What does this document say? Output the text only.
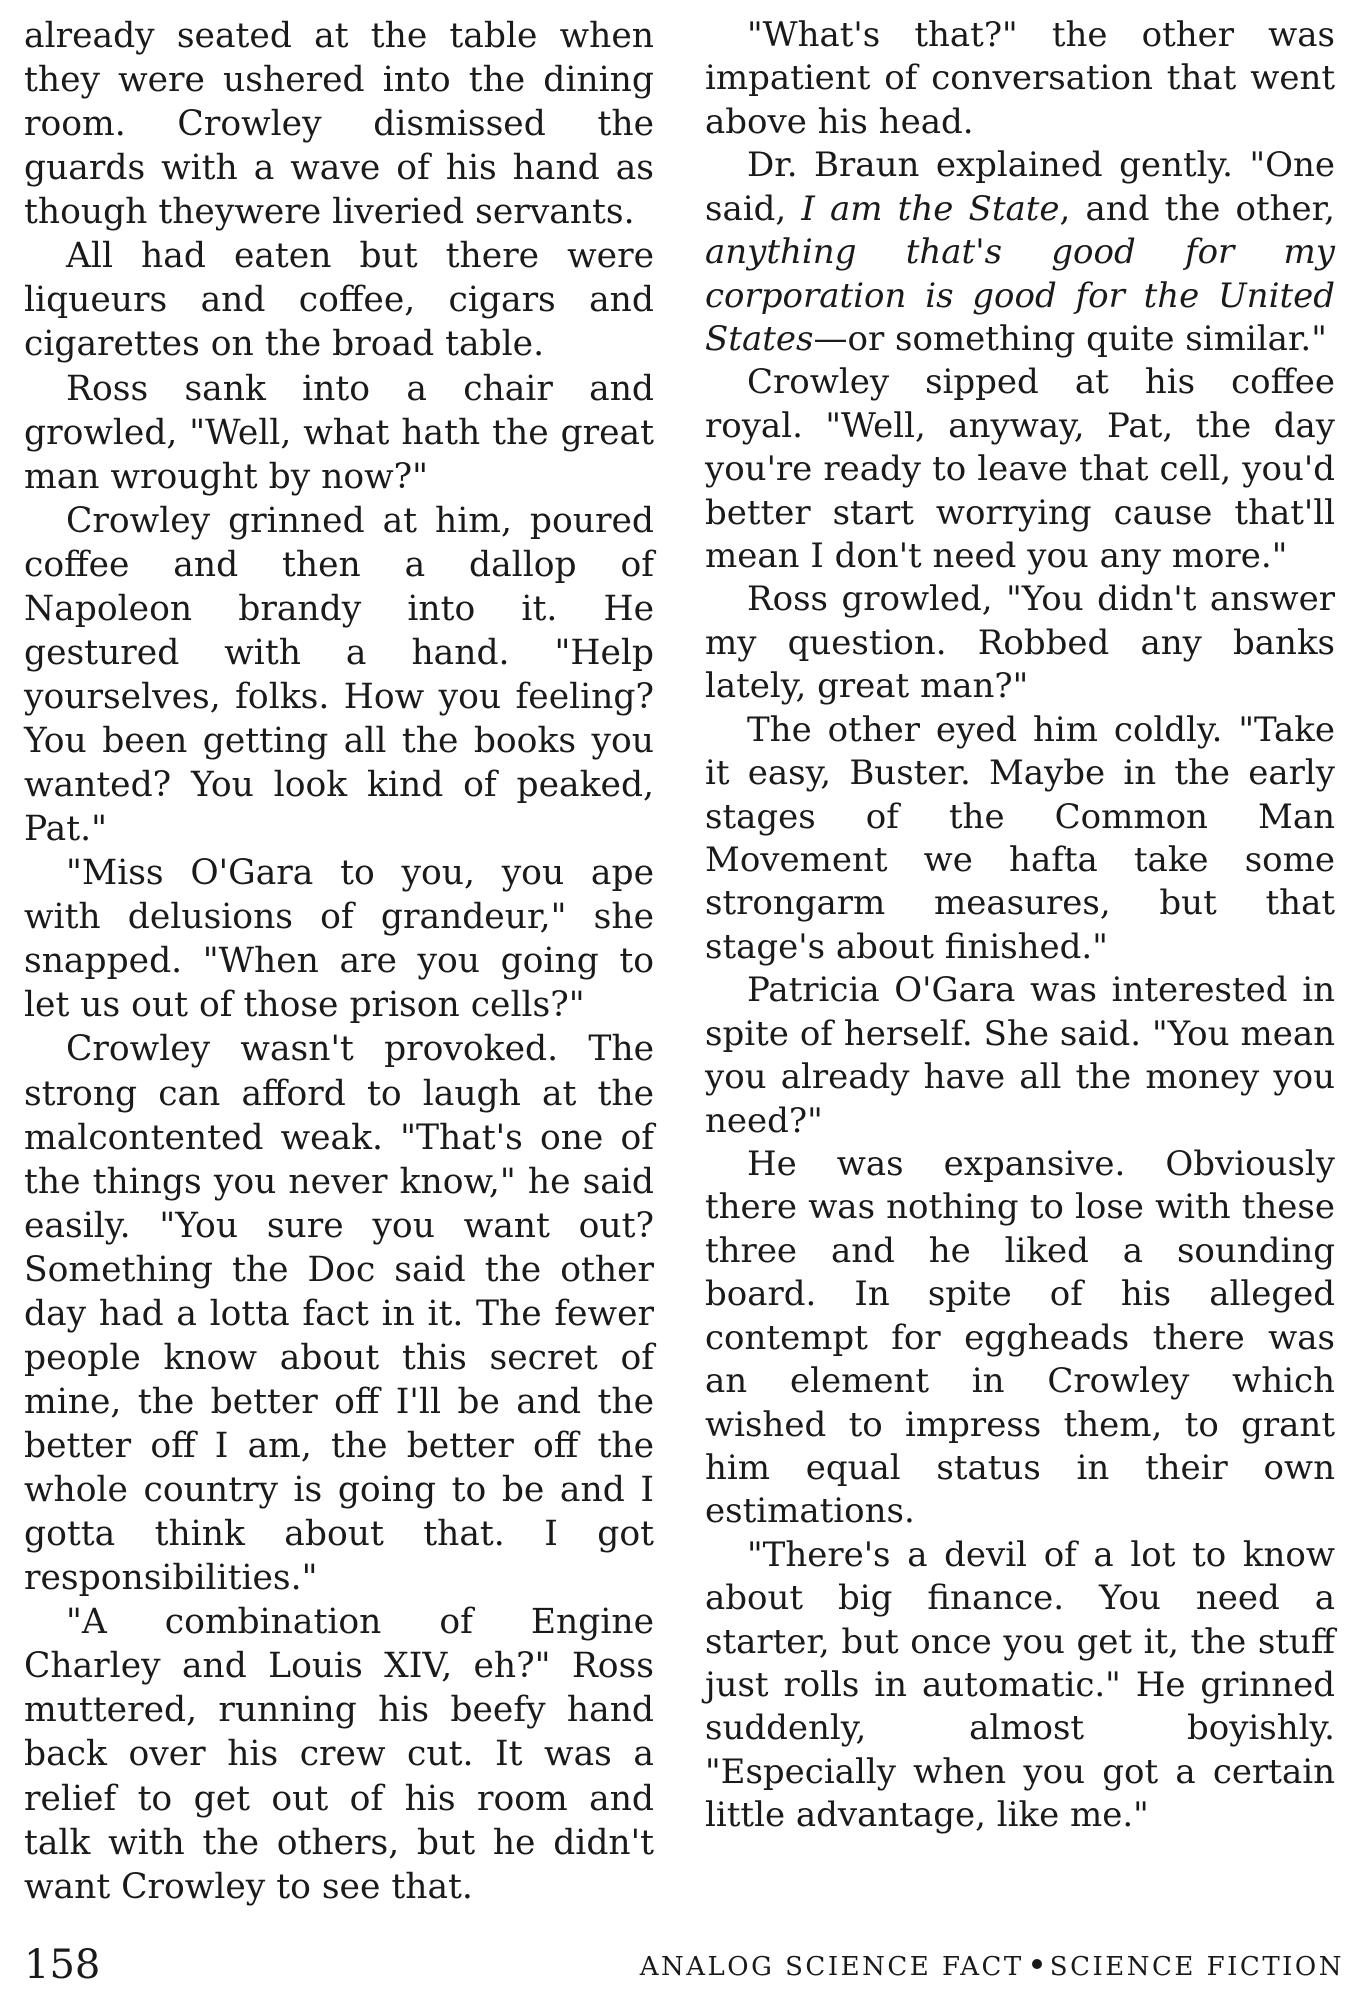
already seated at the table when they were ushered into the dining room. Crowley dismissed the guards with a wave of his hand as though theywere liveried servants.

All had eaten but there were liqueurs and coffee, cigars and cigarettes on the broad table.

Ross sank into a chair and growled, "Well, what hath the great man wrought by now?"

Crowley grinned at him, poured coffee and then a dallop of Napoleon brandy into it. He gestured with a hand. "Help yourselves, folks. How you feeling? You been getting all the books you wanted? You look kind of peaked, Pat."

"Miss O'Gara to you, you ape with delusions of grandeur," she snapped. "When are you going to let us out of those prison cells?"

Crowley wasn't provoked. The strong can afford to laugh at the malcontented weak. "That's one of the things you never know," he said easily. "You sure you want out? Something the Doc said the other day had a lotta fact in it. The fewer people know about this secret of mine, the better off I'll be and the better off I am, the better off the whole country is going to be and I gotta think about that. I got responsibilities."

"A combination of Engine Charley and Louis XIV, eh?" Ross muttered, running his beefy hand back over his crew cut. It was a relief to get out of his room and talk with the others, but he didn't want Crowley to see that.

"What's that?" the other was impatient of conversation that went above his head.

Dr. Braun explained gently. "One said, I am the State, and the other, anything that's good for my corporation is good for the United States—or something quite similar."

Crowley sipped at his coffee royal. "Well, anyway, Pat, the day you're ready to leave that cell, you'd better start worrying cause that'll mean I don't need you any more."

Ross growled, "You didn't answer my question. Robbed any banks lately, great man?"

The other eyed him coldly. "Take it easy, Buster. Maybe in the early stages of the Common Man Movement we hafta take some strongarm measures, but that stage's about finished."

Patricia O'Gara was interested in spite of herself. She said. "You mean you already have all the money you need?"

He was expansive. Obviously there was nothing to lose with these three and he liked a sounding board. In spite of his alleged contempt for eggheads there was an element in Crowley which wished to impress them, to grant him equal status in their own estimations.

"There's a devil of a lot to know about big finance. You need a starter, but once you get it, the stuff just rolls in automatic." He grinned suddenly, almost boyishly. "Especially when you got a certain little advantage, like me."

158	ANALOG SCIENCE FACT SCIENCE FICTION
